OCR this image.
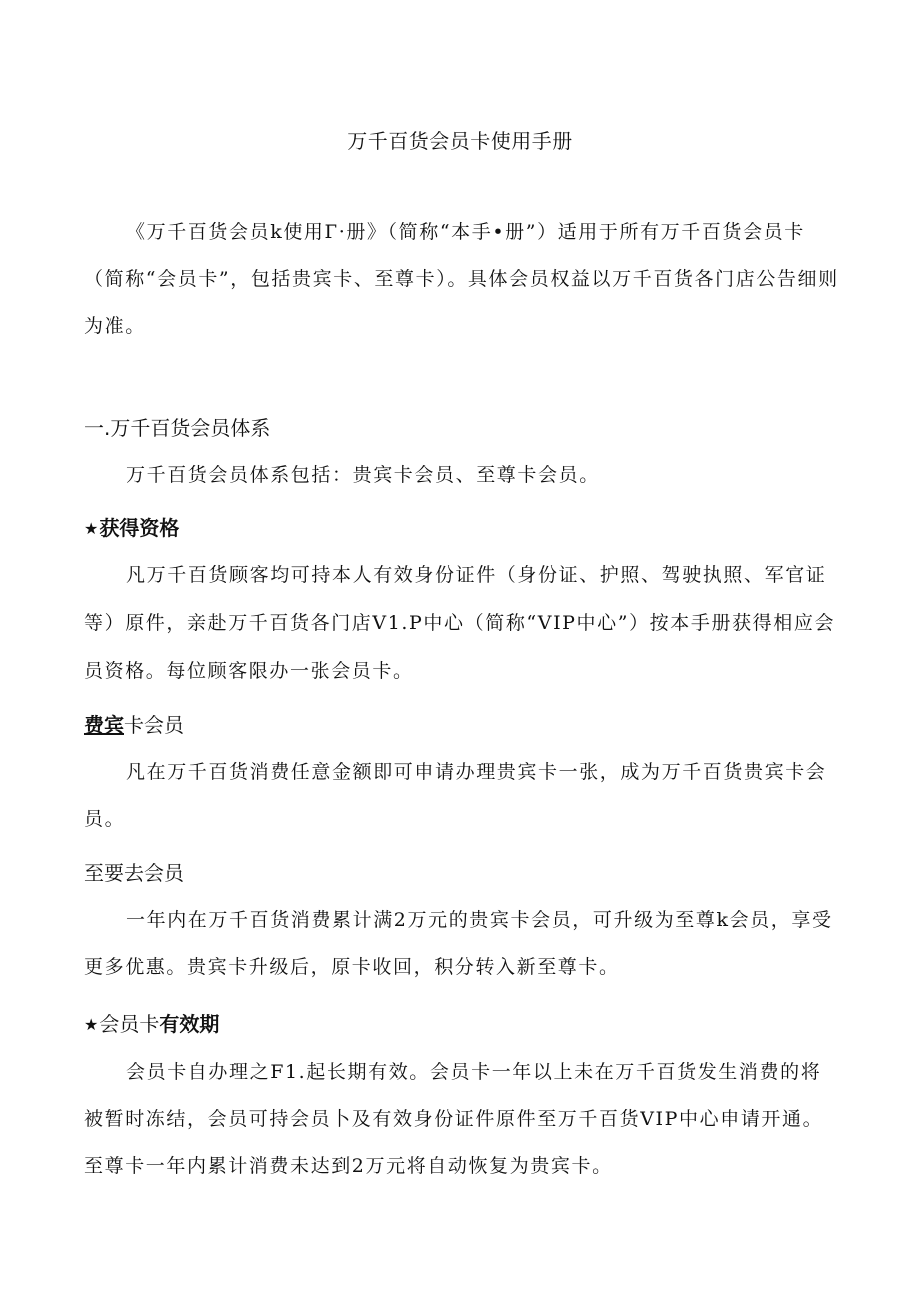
万千百货会员卡使用手册

《万千百货会员k使用Г·册》（简称“本手•册”）适用于所有万千百货会员卡（简称“会员卡”，包括贵宾卡、至尊卡）。具体会员权益以万千百货各门店公告细则为准。

一.万千百货会员体系

万千百货会员体系包括：贵宾卡会员、至尊卡会员。

★获得资格

凡万千百货顾客均可持本人有效身份证件（身份证、护照、驾驶执照、军官证等）原件，亲赴万千百货各门店V1.P中心（简称“VIP中心”）按本手册获得相应会员资格。每位顾客限办一张会员卡。

费宾卡会员

凡在万千百货消费任意金额即可申请办理贵宾卡一张，成为万千百货贵宾卡会员。

至要去会员

一年内在万千百货消费累计满2万元的贵宾卡会员，可升级为至尊k会员，享受更多优惠。贵宾卡升级后，原卡收回，积分转入新至尊卡。

★会员卡有效期

会员卡自办理之F1.起长期有效。会员卡一年以上未在万千百货发生消费的将被暂时冻结，会员可持会员卜及有效身份证件原件至万千百货VIP中心申请开通。至尊卡一年内累计消费未达到2万元将自动恢复为贵宾卡。
